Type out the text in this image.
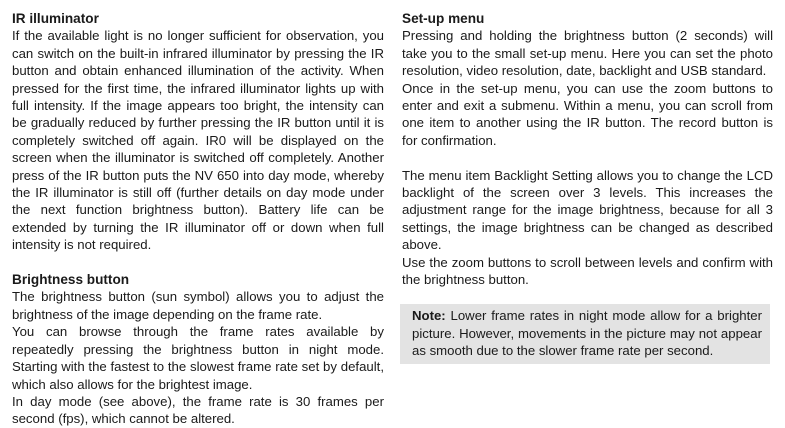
IR illuminator

If the available light is no longer sufficient for observation, you can switch on the built-in infrared illuminator by pressing the IR button and obtain enhanced illumination of the activity. When pressed for the first time, the infrared illuminator lights up with full intensity. If the image appears too bright, the intensity can be gradually reduced by further pressing the IR button until it is completely switched off again. IR0 will be displayed on the screen when the illuminator is switched off completely. Another press of the IR button puts the NV 650 into day mode, whereby the IR illuminator is still off (further details on day mode under the next function brightness button). Battery life can be extended by turning the IR illuminator off or down when full intensity is not required.

Brightness button

The brightness button (sun symbol) allows you to adjust the brightness of the image depending on the frame rate.

You can browse through the frame rates available by repeatedly pressing the brightness button in night mode. Starting with the fastest to the slowest frame rate set by default, which also allows for the brightest image.

In day mode (see above), the frame rate is 30 frames per second (fps), which cannot be altered.

Set-up menu

Pressing and holding the brightness button (2 seconds) will take you to the small set-up menu. Here you can set the photo resolution, video resolution, date, backlight and USB standard.

Once in the set-up menu, you can use the zoom buttons to enter and exit a submenu. Within a menu, you can scroll from one item to another using the IR button. The record button is for confirmation.

The menu item Backlight Setting allows you to change the LCD backlight of the screen over 3 levels. This increases the adjustment range for the image brightness, because for all 3 settings, the image brightness can be changed as described above.

Use the zoom buttons to scroll between levels and confirm with the brightness button.

Note: Lower frame rates in night mode allow for a brighter picture. However, movements in the picture may not appear as smooth due to the slower frame rate per second.
